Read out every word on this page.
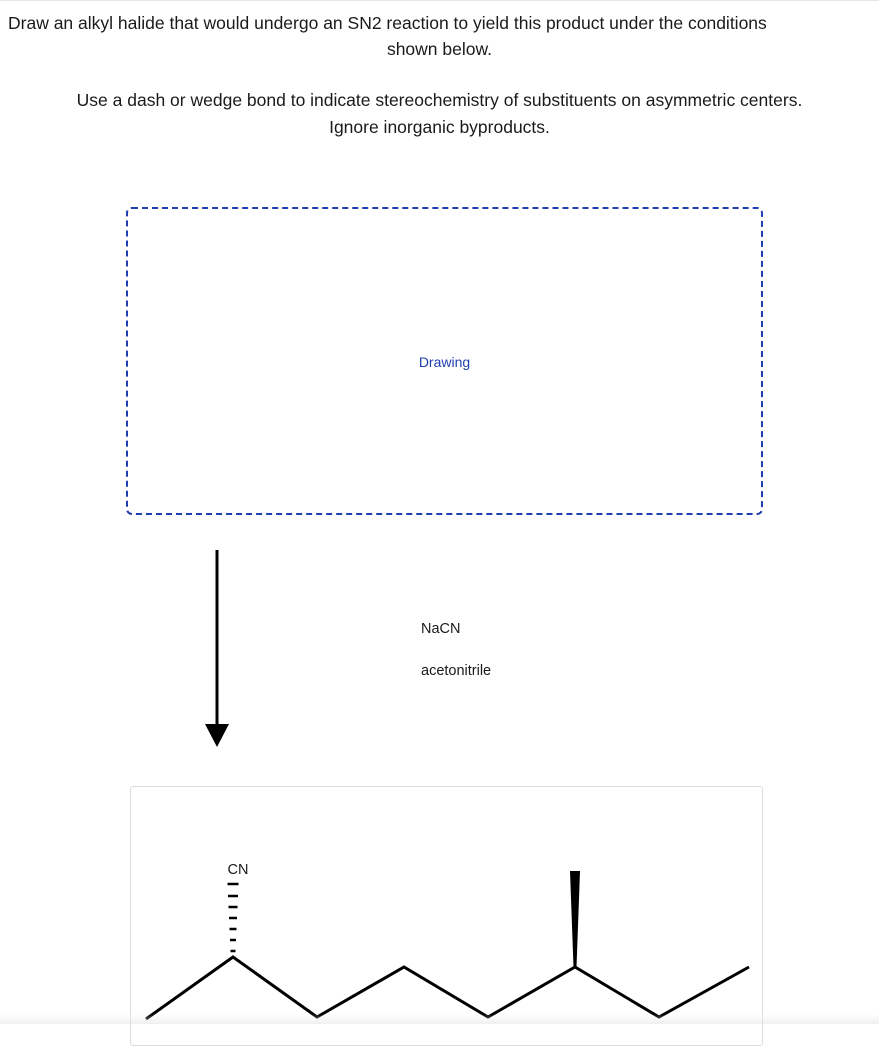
Draw an alkyl halide that would undergo an SN2 reaction to yield this product under the conditions
shown below.
Use a dash or wedge bond to indicate stereochemistry of substituents on asymmetric centers.
Ignore inorganic byproducts.
Drawing
NaCN
acetonitrile
CN
